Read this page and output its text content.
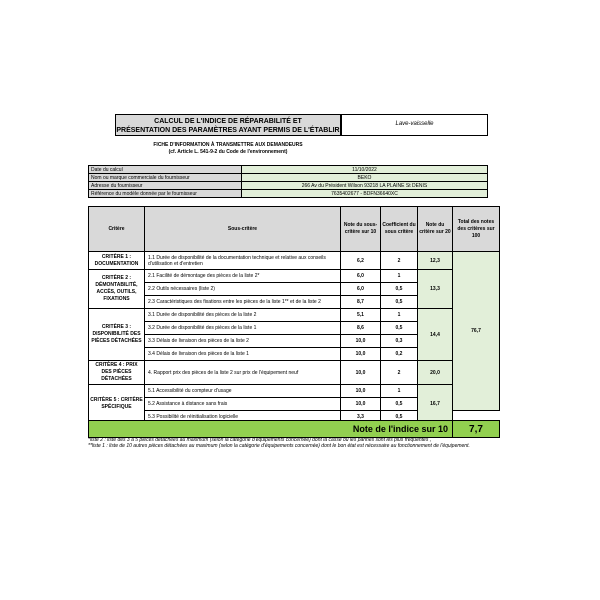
CALCUL DE L'INDICE DE RÉPARABILITÉ ET
PRÉSENTATION DES PARAMÈTRES AYANT PERMIS DE L'ÉTABLIR
Lave-vaisselle
FICHE D'INFORMATION À TRANSMETTRE AUX DEMANDEURS
(cf. Article L. 541-9-2 du Code de l'environnement)
Date du calcul	11/10/2022
Nom ou marque commerciale du fournisseur	BEKO
Adresse du fournisseur	266 Av du Président Wilson 93218 LA PLAINE St DENIS
Référence du modèle donnée par le fournisseur	7635402677 - BDFN36640XC
Critère	Sous-critère	Note du sous-critère sur 10	Coefficient du sous critère	Note du critère sur 20	Total des notes des critères sur 100
CRITÈRE 1 : DOCUMENTATION	1.1 Durée de disponibilité de la documentation technique et relative aux conseils d'utilisation et d'entretien	6,2	2	12,3	76,7
CRITÈRE 2 : DÉMONTABILITÉ, ACCÈS, OUTILS, FIXATIONS	2.1 Facilité de démontage des pièces de la liste 2*	6,0	1	13,3	
	2.2 Outils nécessaires (liste 2)	6,0	0,5		
	2.3 Caractéristiques des fixations entre les pièces de la liste 1** et de la liste 2	8,7	0,5		
CRITÈRE 3 : DISPONIBILITÉ DES PIÈCES DÉTACHÉES	3.1 Durée de disponibilité des pièces de la liste 2	5,1	1	14,4	
	3.2 Durée de disponibilité des pièces de la liste 1	8,6	0,5		
	3.3 Délais de livraison des pièces de la liste 2	10,0	0,3		
	3.4 Délais de livraison des pièces de la liste 1	10,0	0,2		
CRITÈRE 4 : PRIX DES PIÈCES DÉTACHÉES	4. Rapport prix des pièces de la liste 2 sur prix de l'équipement neuf	10,0	2	20,0	
CRITÈRE 5 : CRITÈRE SPÉCIFIQUE	5.1 Accessibilité du compteur d'usage	10,0	1	16,7	
	5.2 Assistance à distance sans frais	10,0	0,5		
	5.3 Possibilité de réinitialisation logicielle	3,3	0,5		
Note de l'indice sur 10	7,7
*liste 2 : liste des 3 à 5 pièces détachées au maximum (selon la catégorie d'équipements concernée) dont la casse ou les pannes sont les plus fréquentes ,
**liste 1 : liste de 10 autres pièces détachées au maximum (selon la catégorie d'équipements concernée) dont le bon état est nécessaire au fonctionnement de l'équipement.
